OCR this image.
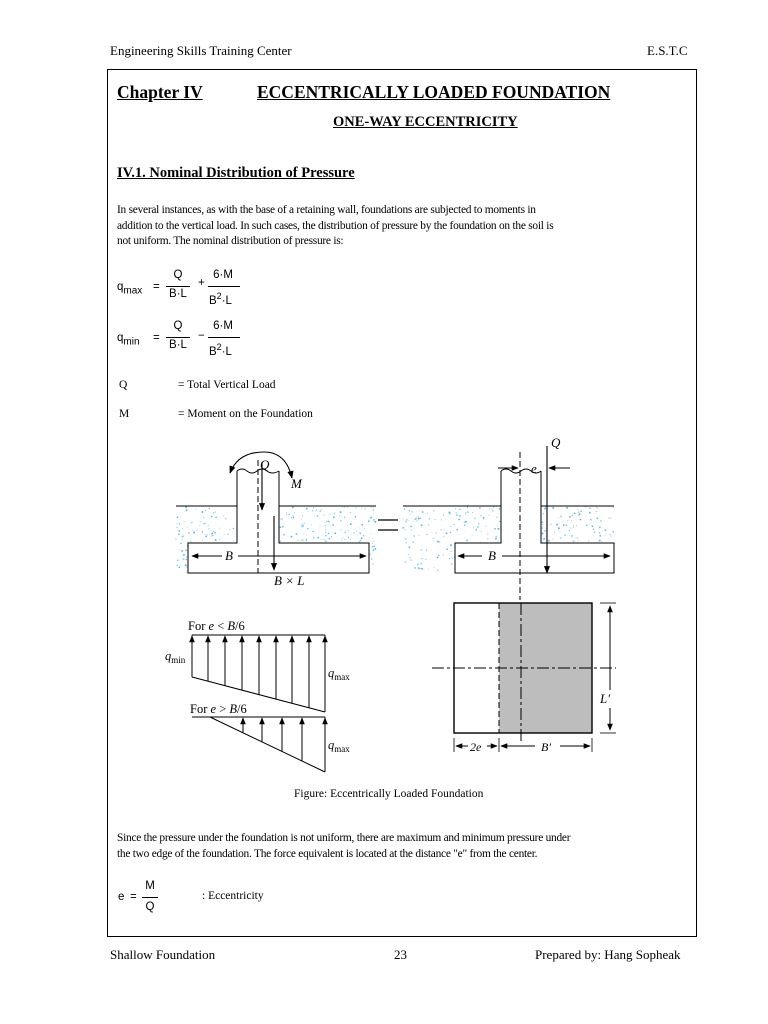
Engineering Skills Training Center	E.S.T.C
Chapter IV	ECCENTRICALLY LOADED FOUNDATION
ONE-WAY ECCENTRICITY
IV.1. Nominal Distribution of Pressure
In several instances, as with the base of a retaining wall, foundations are subjected to moments in
addition to the vertical load. In such cases, the distribution of pressure by the foundation on the soil is
not uniform. The nominal distribution of pressure is:
$q_{max}$ =
Q
B·L
+
6·M
$B^2\cdot L$
$q_{min}$ =
Q
B·L
−
6·M
$B^2\cdot L$
Q	= Total Vertical Load
M	= Moment on the Foundation
Q
M
B
B × L
Q
e
B
L′
2e	B′
For e < B/6
$q_{min}$
$q_{max}$
For e > B/6
$q_{max}$
Figure: Eccentrically Loaded Foundation
Since the pressure under the foundation is not uniform, there are maximum and minimum pressure under
the two edge of the foundation. The force equivalent is located at the distance "e" from the center.
e =
M
Q
: Eccentricity
Shallow Foundation	23	Prepared by: Hang Sopheak
